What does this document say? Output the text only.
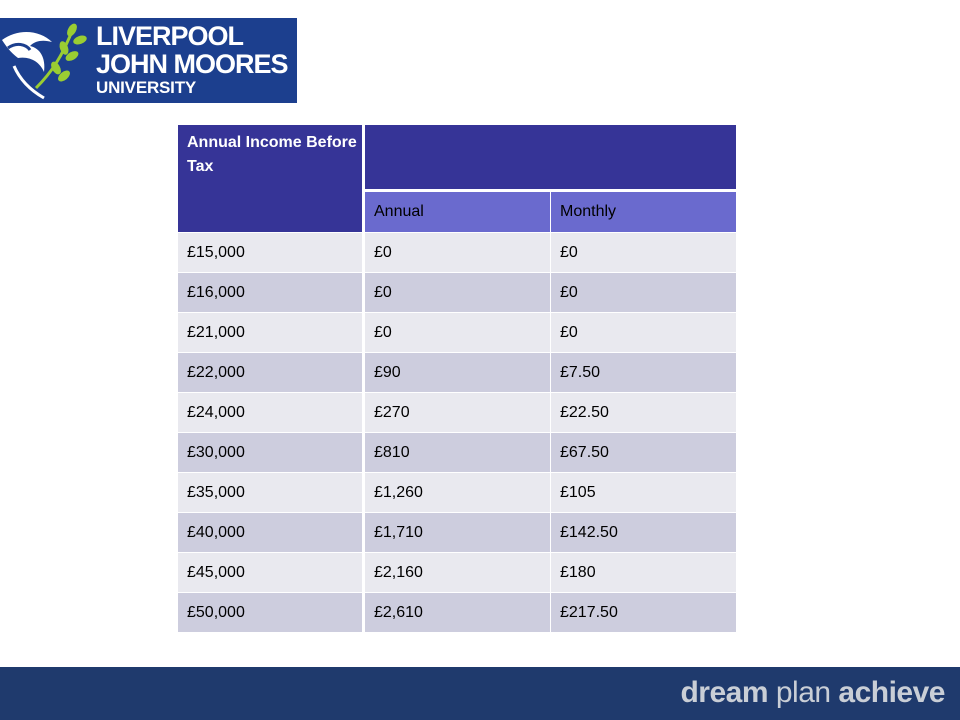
LIVERPOOL
JOHN MOORES
UNIVERSITY
Annual Income Before Tax		
	Annual	Monthly
£15,000	£0	£0
£16,000	£0	£0
£21,000	£0	£0
£22,000	£90	£7.50
£24,000	£270	£22.50
£30,000	£810	£67.50
£35,000	£1,260	£105
£40,000	£1,710	£142.50
£45,000	£2,160	£180
£50,000	£2,610	£217.50
dream plan achieve
